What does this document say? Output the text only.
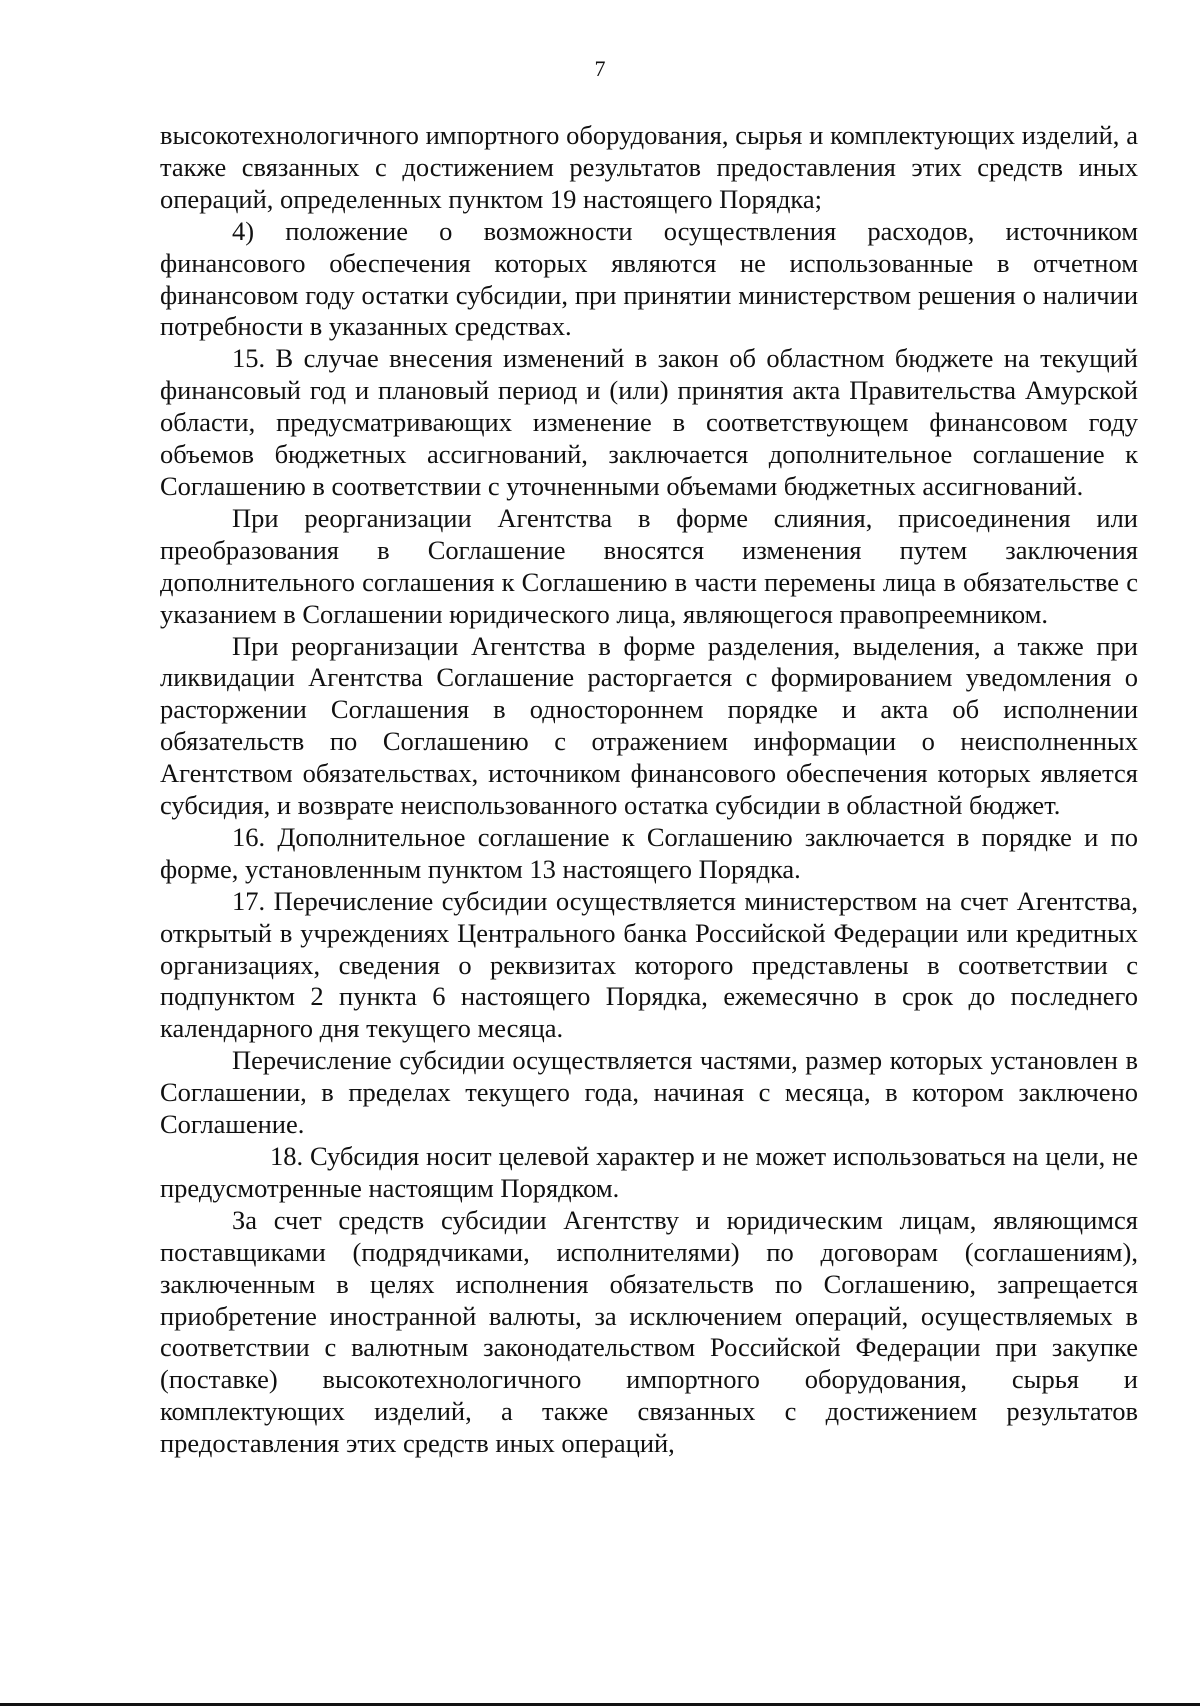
7

высокотехнологичного импортного оборудования, сырья и комплектующих изделий, а также связанных с достижением результатов предоставления этих средств иных операций, определенных пунктом 19 настоящего Порядка;

4) положение о возможности осуществления расходов, источником финансового обеспечения которых являются не использованные в отчетном финансовом году остатки субсидии, при принятии министерством решения о наличии потребности в указанных средствах.

15. В случае внесения изменений в закон об областном бюджете на текущий финансовый год и плановый период и (или) принятия акта Правительства Амурской области, предусматривающих изменение в соответствующем финансовом году объемов бюджетных ассигнований, заключается дополнительное соглашение к Соглашению в соответствии с уточненными объемами бюджетных ассигнований.

При реорганизации Агентства в форме слияния, присоединения или преобразования в Соглашение вносятся изменения путем заключения дополнительного соглашения к Соглашению в части перемены лица в обязательстве с указанием в Соглашении юридического лица, являющегося правопреемником.

При реорганизации Агентства в форме разделения, выделения, а также при ликвидации Агентства Соглашение расторгается с формированием уведомления о расторжении Соглашения в одностороннем порядке и акта об исполнении обязательств по Соглашению с отражением информации о неисполненных Агентством обязательствах, источником финансового обеспечения которых является субсидия, и возврате неиспользованного остатка субсидии в областной бюджет.

16. Дополнительное соглашение к Соглашению заключается в порядке и по форме, установленным пунктом 13 настоящего Порядка.

17. Перечисление субсидии осуществляется министерством на счет Агентства, открытый в учреждениях Центрального банка Российской Федерации или кредитных организациях, сведения о реквизитах которого представлены в соответствии с подпунктом 2 пункта 6 настоящего Порядка, ежемесячно в срок до последнего календарного дня текущего месяца.

Перечисление субсидии осуществляется частями, размер которых установлен в Соглашении, в пределах текущего года, начиная с месяца, в котором заключено Соглашение.

18. Субсидия носит целевой характер и не может использоваться на цели, не предусмотренные настоящим Порядком.

За счет средств субсидии Агентству и юридическим лицам, являющимся поставщиками (подрядчиками, исполнителями) по договорам (соглашениям), заключенным в целях исполнения обязательств по Соглашению, запрещается приобретение иностранной валюты, за исключением операций, осуществляемых в соответствии с валютным законодательством Российской Федерации при закупке (поставке) высокотехнологичного импортного оборудования, сырья и комплектующих изделий, а также связанных с достижением результатов предоставления этих средств иных операций,
